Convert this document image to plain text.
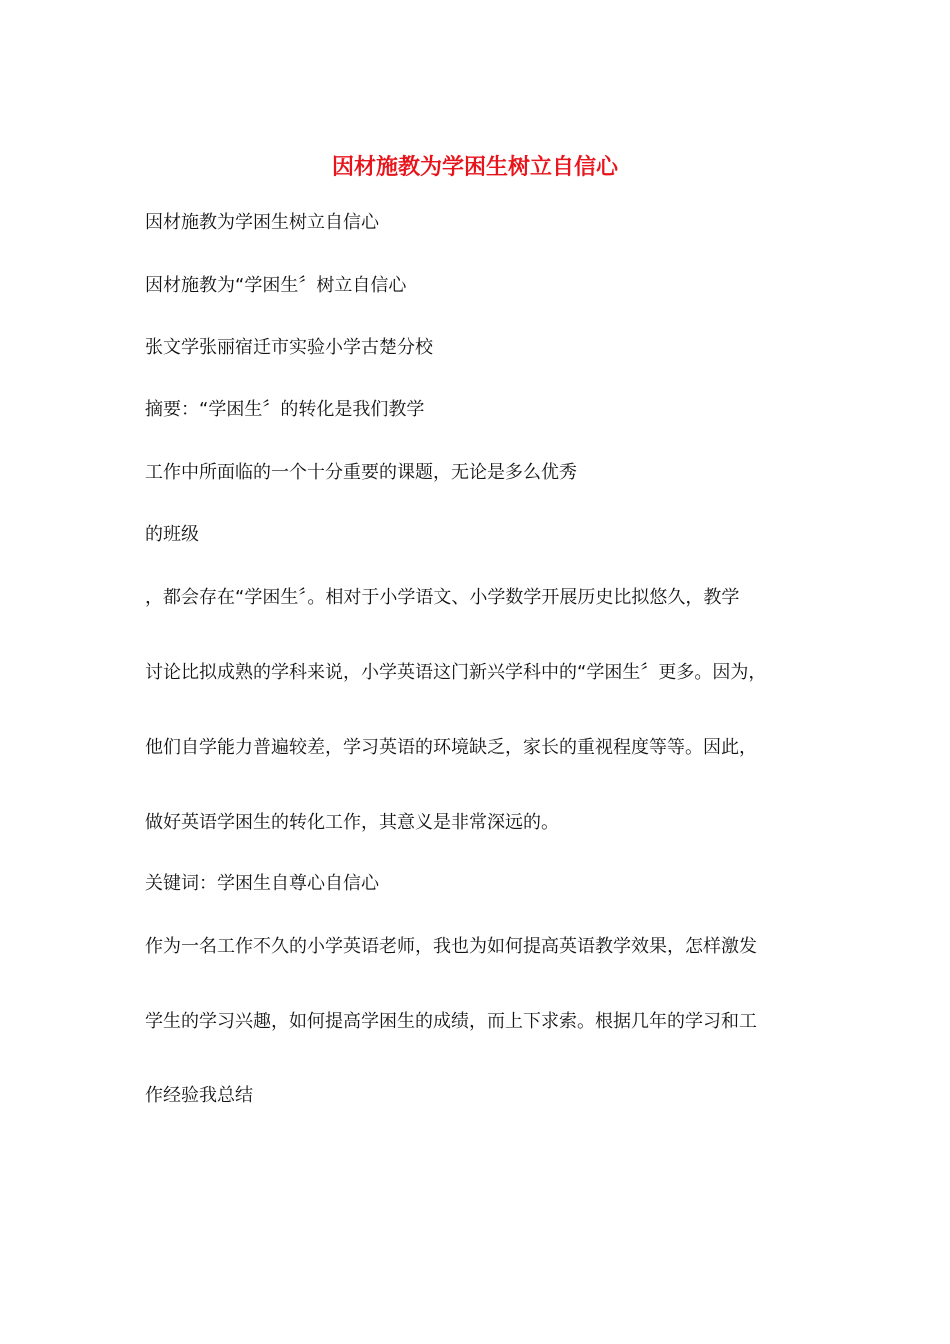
因材施教为学困生树立自信心
因材施教为学困生树立自信心
因材施教为“学困生〞树立自信心
张文学张丽宿迁市实验小学古楚分校
摘要：“学困生〞的转化是我们教学
工作中所面临的一个十分重要的课题，无论是多么优秀
的班级
，都会存在“学困生〞。相对于小学语文、小学数学开展历史比拟悠久，教学
讨论比拟成熟的学科来说，小学英语这门新兴学科中的“学困生〞更多。因为，
他们自学能力普遍较差，学习英语的环境缺乏，家长的重视程度等等。因此，
做好英语学困生的转化工作，其意义是非常深远的。
关键词：学困生自尊心自信心
作为一名工作不久的小学英语老师，我也为如何提高英语教学效果，怎样激发
学生的学习兴趣，如何提高学困生的成绩，而上下求索。根据几年的学习和工
作经验我总结
